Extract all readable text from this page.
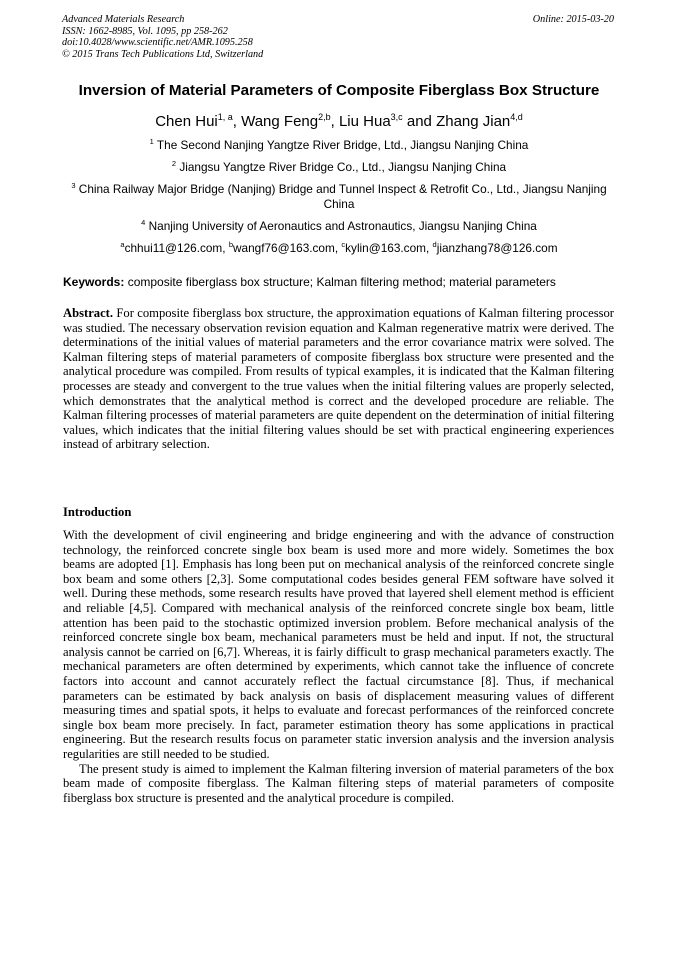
Advanced Materials Research
ISSN: 1662-8985, Vol. 1095, pp 258-262
doi:10.4028/www.scientific.net/AMR.1095.258
© 2015 Trans Tech Publications Ltd, Switzerland
Online: 2015-03-20
Inversion of Material Parameters of Composite Fiberglass Box Structure
Chen Hui$^{1, a}$, Wang Feng$^{2,b}$, Liu Hua$^{3,c}$ and Zhang Jian$^{4,d}$
$^1$ The Second Nanjing Yangtze River Bridge, Ltd., Jiangsu Nanjing China
$^2$ Jiangsu Yangtze River Bridge Co., Ltd., Jiangsu Nanjing China
$^3$ China Railway Major Bridge (Nanjing) Bridge and Tunnel Inspect & Retrofit Co., Ltd., Jiangsu Nanjing China
$^4$ Nanjing University of Aeronautics and Astronautics, Jiangsu Nanjing China
$^a$chhui11@126.com, $^b$wangf76@163.com, $^c$kylin@163.com, $^d$jianzhang78@126.com
Keywords: composite fiberglass box structure; Kalman filtering method; material parameters
Abstract. For composite fiberglass box structure, the approximation equations of Kalman filtering processor was studied. The necessary observation revision equation and Kalman regenerative matrix were derived. The determinations of the initial values of material parameters and the error covariance matrix were solved. The Kalman filtering steps of material parameters of composite fiberglass box structure were presented and the analytical procedure was compiled. From results of typical examples, it is indicated that the Kalman filtering processes are steady and convergent to the true values when the initial filtering values are properly selected, which demonstrates that the analytical method is correct and the developed procedure are reliable. The Kalman filtering processes of material parameters are quite dependent on the determination of initial filtering values, which indicates that the initial filtering values should be set with practical engineering experiences instead of arbitrary selection.
Introduction

With the development of civil engineering and bridge engineering and with the advance of construction technology, the reinforced concrete single box beam is used more and more widely. Sometimes the box beams are adopted [1]. Emphasis has long been put on mechanical analysis of the reinforced concrete single box beam and some others [2,3]. Some computational codes besides general FEM software have solved it well. During these methods, some research results have proved that layered shell element method is efficient and reliable [4,5]. Compared with mechanical analysis of the reinforced concrete single box beam, little attention has been paid to the stochastic optimized inversion problem. Before mechanical analysis of the reinforced concrete single box beam, mechanical parameters must be held and input. If not, the structural analysis cannot be carried on [6,7]. Whereas, it is fairly difficult to grasp mechanical parameters exactly. The mechanical parameters are often determined by experiments, which cannot take the influence of concrete factors into account and cannot accurately reflect the factual circumstance [8]. Thus, if mechanical parameters can be estimated by back analysis on basis of displacement measuring values of different measuring times and spatial spots, it helps to evaluate and forecast performances of the reinforced concrete single box beam more precisely. In fact, parameter estimation theory has some applications in practical engineering. But the research results focus on parameter static inversion analysis and the inversion analysis regularities are still needed to be studied.

The present study is aimed to implement the Kalman filtering inversion of material parameters of the box beam made of composite fiberglass. The Kalman filtering steps of material parameters of composite fiberglass box structure is presented and the analytical procedure is compiled.
